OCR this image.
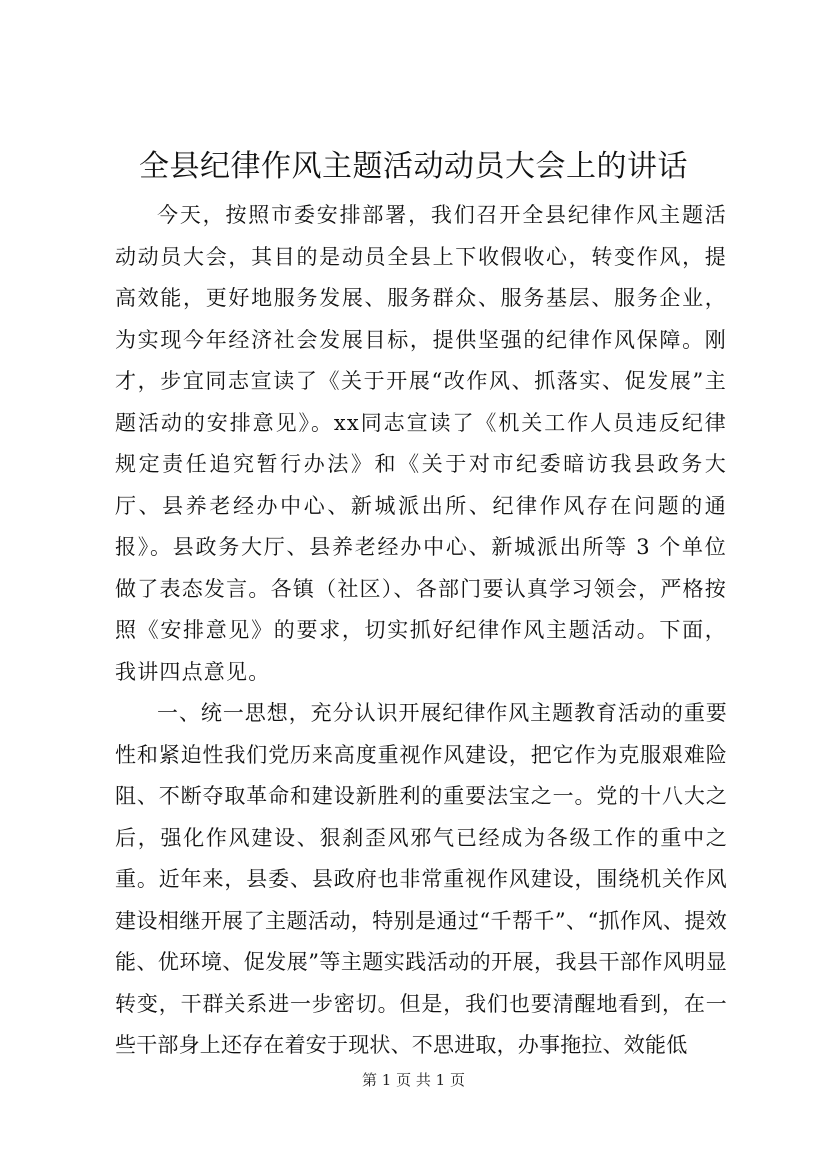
全县纪律作风主题活动动员大会上的讲话

今天，按照市委安排部署，我们召开全县纪律作风主题活动动员大会，其目的是动员全县上下收假收心，转变作风，提高效能，更好地服务发展、服务群众、服务基层、服务企业，为实现今年经济社会发展目标，提供坚强的纪律作风保障。刚才，步宜同志宣读了《关于开展“改作风、抓落实、促发展”主题活动的安排意见》。xx同志宣读了《机关工作人员违反纪律规定责任追究暂行办法》和《关于对市纪委暗访我县政务大厅、县养老经办中心、新城派出所、纪律作风存在问题的通报》。县政务大厅、县养老经办中心、新城派出所等 3 个单位做了表态发言。各镇（社区）、各部门要认真学习领会，严格按照《安排意见》的要求，切实抓好纪律作风主题活动。下面，我讲四点意见。

一、统一思想，充分认识开展纪律作风主题教育活动的重要性和紧迫性我们党历来高度重视作风建设，把它作为克服艰难险阻、不断夺取革命和建设新胜利的重要法宝之一。党的十八大之后，强化作风建设、狠刹歪风邪气已经成为各级工作的重中之重。近年来，县委、县政府也非常重视作风建设，围绕机关作风建设相继开展了主题活动，特别是通过“千帮千”、“抓作风、提效能、优环境、促发展”等主题实践活动的开展，我县干部作风明显转变，干群关系进一步密切。但是，我们也要清醒地看到，在一些干部身上还存在着安于现状、不思进取，办事拖拉、效能低

第 1 页 共 1 页
